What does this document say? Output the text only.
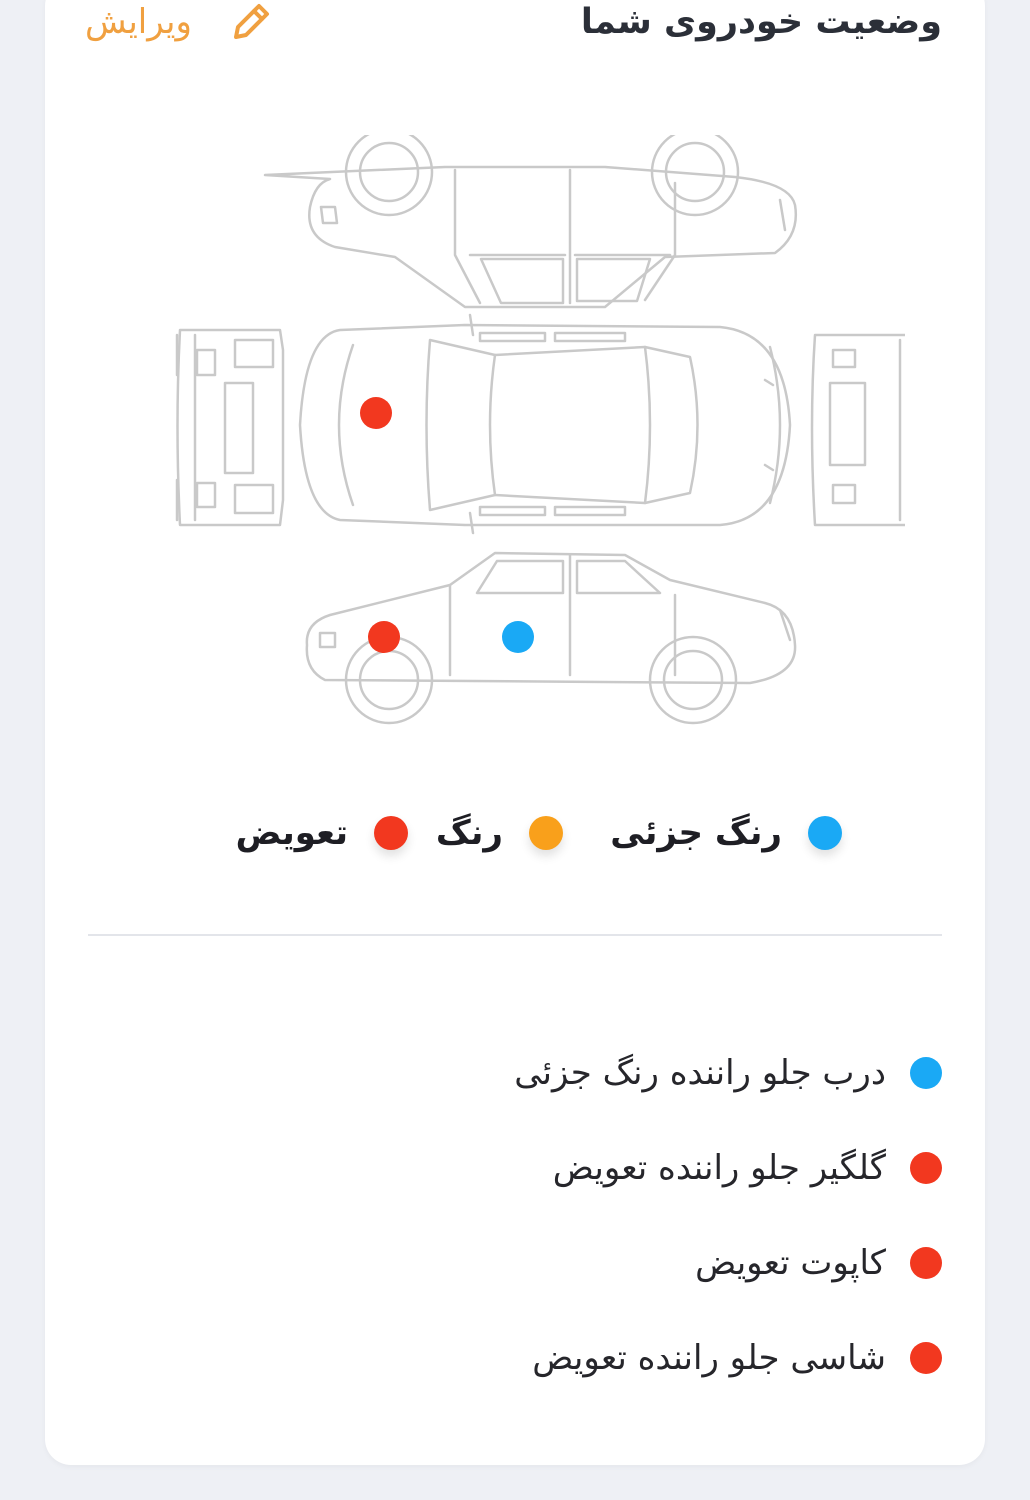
وضعیت خودروی شما
ویرایش
رنگ جزئی
رنگ
تعویض
درب جلو راننده رنگ جزئی
گلگیر جلو راننده تعویض
کاپوت تعویض
شاسی جلو راننده تعویض
